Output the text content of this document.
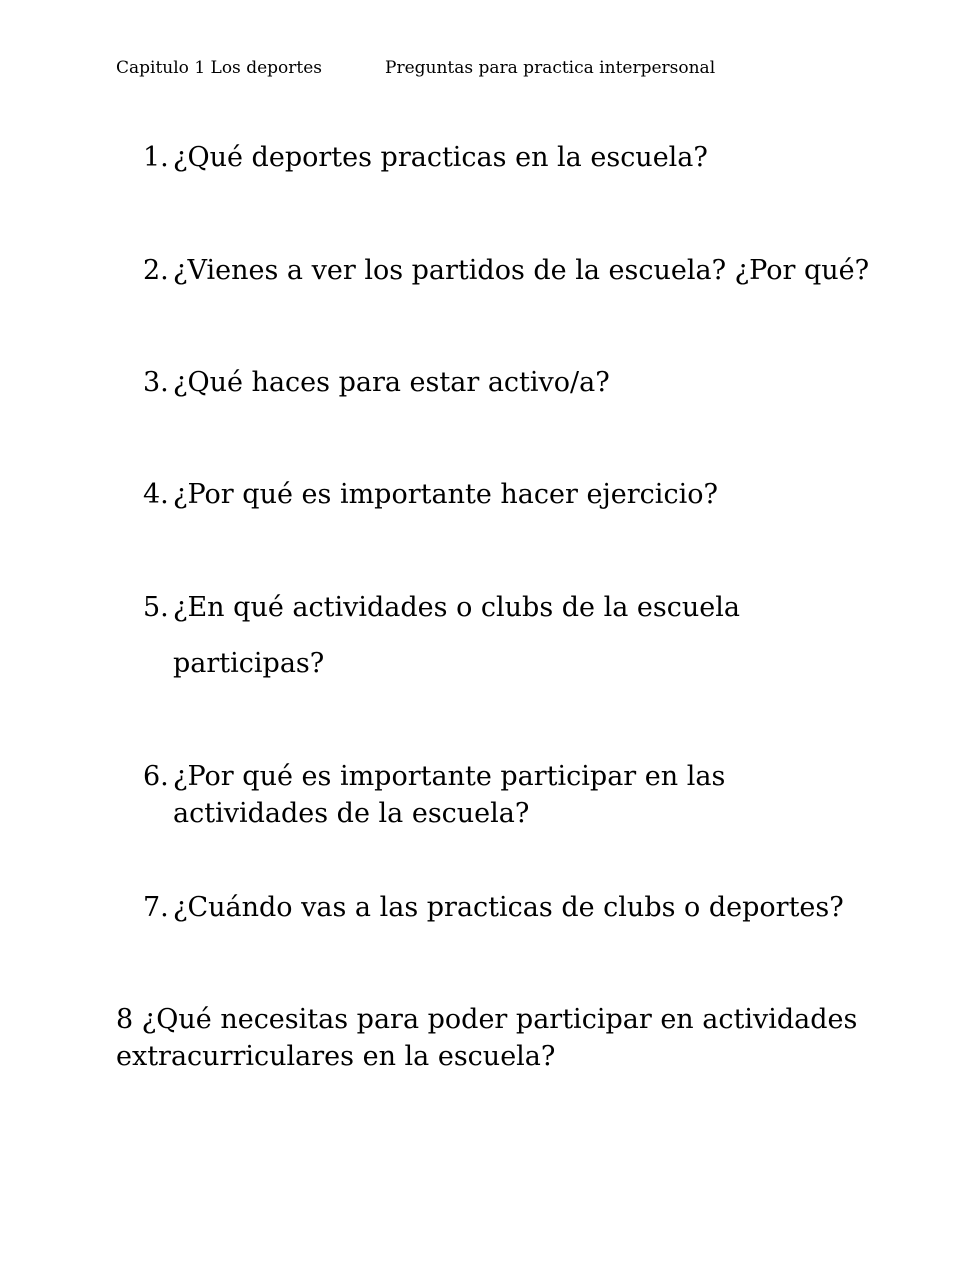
Capitulo 1 Los deportes	Preguntas para practica interpersonal
1. ¿Qué deportes practicas en la escuela?
2. ¿Vienes a ver los partidos de la escuela? ¿Por qué?
3. ¿Qué haces para estar activo/a?
4. ¿Por qué es importante hacer ejercicio?
5. ¿En qué actividades o clubs de la escuela
participas?
6. ¿Por qué es importante participar en las
actividades de la escuela?
7. ¿Cuándo vas a las practicas de clubs o deportes?
8 ¿Qué necesitas para poder participar en actividades
extracurriculares en la escuela?
